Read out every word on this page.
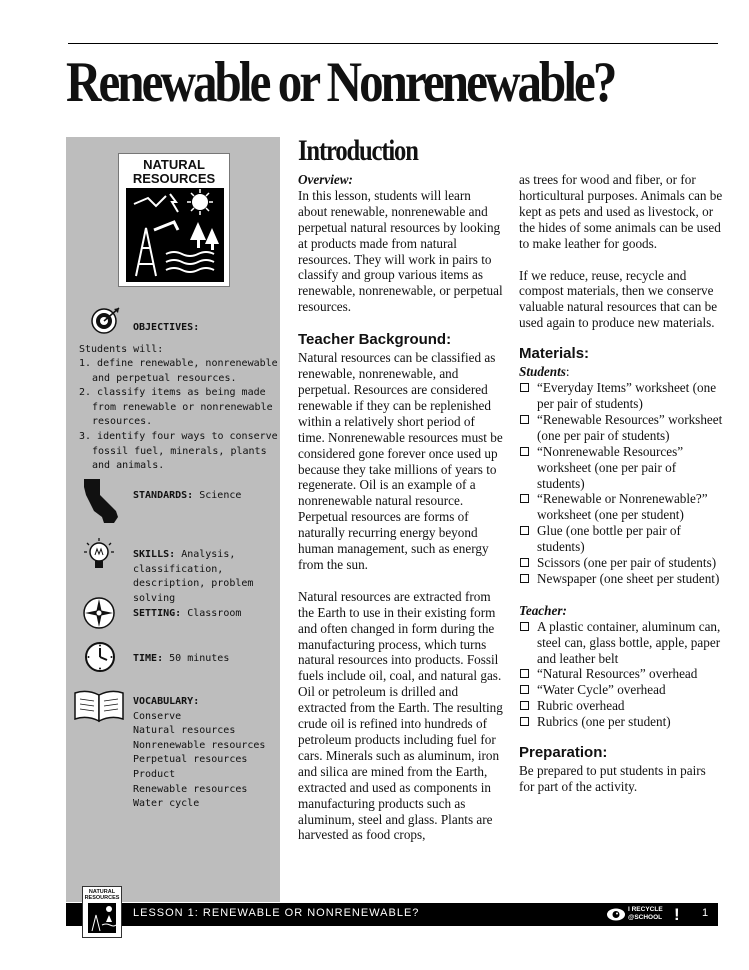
Renewable or Nonrenewable?
NATURAL RESOURCES
OBJECTIVES:
Students will:
1. define renewable, nonrenewable and perpetual resources.
2. classify items as being made from renewable or nonrenewable resources.
3. identify four ways to conserve fossil fuel, minerals, plants and animals.
STANDARDS: Science
SKILLS: Analysis, classification, description, problem solving
SETTING: Classroom
TIME: 50 minutes
VOCABULARY:
Conserve
Natural resources
Nonrenewable resources
Perpetual resources
Product
Renewable resources
Water cycle
Introduction

Overview:

In this lesson, students will learn about renewable, nonrenewable and perpetual natural resources by looking at products made from natural resources. They will work in pairs to classify and group various items as renewable, nonrenewable, or perpetual resources.

Teacher Background:

Natural resources can be classified as renewable, nonrenewable, and perpetual. Resources are considered renewable if they can be replenished within a relatively short period of time. Nonrenewable resources must be considered gone forever once used up because they take millions of years to regenerate. Oil is an example of a nonrenewable natural resource. Perpetual resources are forms of naturally recurring energy beyond human management, such as energy from the sun.

Natural resources are extracted from the Earth to use in their existing form and often changed in form during the manufacturing process, which turns natural resources into products. Fossil fuels include oil, coal, and natural gas. Oil or petroleum is drilled and extracted from the Earth. The resulting crude oil is refined into hundreds of petroleum products including fuel for cars. Minerals such as aluminum, iron and silica are mined from the Earth, extracted and used as components in manufacturing products such as aluminum, steel and glass. Plants are harvested as food crops,

as trees for wood and fiber, or for horticultural purposes. Animals can be kept as pets and used as livestock, or the hides of some animals can be used to make leather for goods.

If we reduce, reuse, recycle and compost materials, then we conserve valuable natural resources that can be used again to produce new materials.

Materials:

Students:

“Everyday Items” worksheet (one per pair of students)
“Renewable Resources” worksheet (one per pair of students)
“Nonrenewable Resources” worksheet (one per pair of students)
“Renewable or Nonrenewable?” worksheet (one per student)
Glue (one bottle per pair of students)
Scissors (one per pair of students)
Newspaper (one sheet per student)

Teacher:

A plastic container, aluminum can, steel can, glass bottle, apple, paper and leather belt
“Natural Resources” overhead
“Water Cycle” overhead
Rubric overhead
Rubrics (one per student)

Preparation:

Be prepared to put students in pairs for part of the activity.

NATURAL RESOURCES
LESSON 1: RENEWABLE OR NONRENEWABLE?	I RECYCLE @SCHOOL ! 1
